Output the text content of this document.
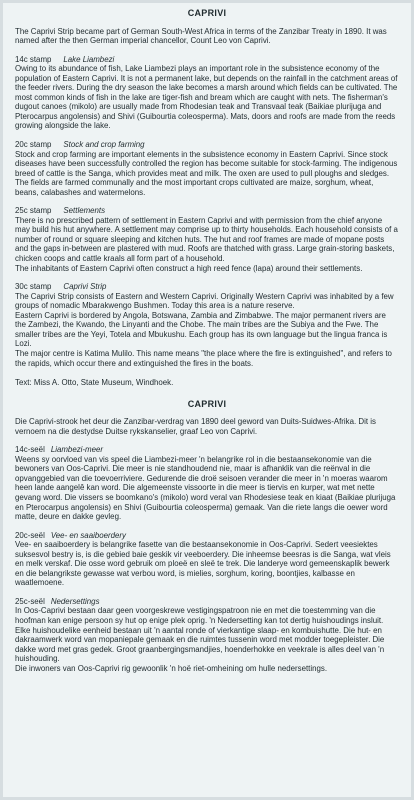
CAPRIVI

The Caprivi Strip became part of German South-West Africa in terms of the Zanzibar Treaty in 1890. It was named after the then German imperial chancellor, Count Leo von Caprivi.

14c stamp Lake Liambezi

Owing to its abundance of fish, Lake Liambezi plays an important role in the subsistence economy of the population of Eastern Caprivi. It is not a permanent lake, but depends on the rainfall in the catchment areas of the feeder rivers. During the dry season the lake becomes a marsh around which fields can be cultivated. The most common kinds of fish in the lake are tiger-fish and bream which are caught with nets. The fisherman's dugout canoes (mikolo) are usually made from Rhodesian teak and Transvaal teak (Baikiae plurijuga and Pterocarpus angolensis) and Shivi (Guibourtia coleosperma). Mats, doors and roofs are made from the reeds growing alongside the lake.

20c stamp Stock and crop farming

Stock and crop farming are important elements in the subsistence economy in Eastern Caprivi. Since stock diseases have been successfully controlled the region has become suitable for stock-farming. The indigenous breed of cattle is the Sanga, which provides meat and milk. The oxen are used to pull ploughs and sledges. The fields are farmed communally and the most important crops cultivated are maize, sorghum, wheat, beans, calabashes and watermelons.

25c stamp Settlements

There is no prescribed pattern of settlement in Eastern Caprivi and with permission from the chief anyone may build his hut anywhere. A settlement may comprise up to thirty households. Each household consists of a number of round or square sleeping and kitchen huts. The hut and roof frames are made of mopane posts and the gaps in-between are plastered with mud. Roofs are thatched with grass. Large grain-storing baskets, chicken coops and cattle kraals all form part of a household.

The inhabitants of Eastern Caprivi often construct a high reed fence (lapa) around their settlements.

30c stamp Caprivi Strip

The Caprivi Strip consists of Eastern and Western Caprivi. Originally Western Caprivi was inhabited by a few groups of nomadic Mbarakwengo Bushmen. Today this area is a nature reserve.

Eastern Caprivi is bordered by Angola, Botswana, Zambia and Zimbabwe. The major permanent rivers are the Zambezi, the Kwando, the Linyanti and the Chobe. The main tribes are the Subiya and the Fwe. The smaller tribes are the Yeyi, Totela and Mbukushu. Each group has its own language but the lingua franca is Lozi.

The major centre is Katima Mulilo. This name means "the place where the fire is extinguished", and refers to the rapids, which occur there and extinguished the fires in the boats.

Text: Miss A. Otto, State Museum, Windhoek.

CAPRIVI

Die Caprivi-strook het deur die Zanzibar-verdrag van 1890 deel geword van Duits-Suidwes-Afrika. Dit is vernoem na die destydse Duitse rykskanselier, graaf Leo von Caprivi.

14c-seël Liambezi-meer

Weens sy oorvloed van vis speel die Liambezi-meer 'n belangrike rol in die bestaansekonomie van die bewoners van Oos-Caprivi. Die meer is nie standhoudend nie, maar is afhanklik van die reënval in die opvanggebied van die toevoerriviere. Gedurende die droë seisoen verander die meer in 'n moeras waarom heen lande aangelê kan word. Die algemeenste vissoorte in die meer is tiervis en kurper, wat met nette gevang word. Die vissers se boomkano's (mikolo) word veral van Rhodesiese teak en kiaat (Baikiae plurijuga en Pterocarpus angolensis) en Shivi (Guibourtia coleosperma) gemaak. Van die riete langs die oewer word matte, deure en dakke gevleg.

20c-seël Vee- en saaiboerdery

Vee- en saaiboerdery is belangrike fasette van die bestaansekonomie in Oos-Caprivi. Sedert veesiektes suksesvol bestry is, is die gebied baie geskik vir veeboerdery. Die inheemse beesras is die Sanga, wat vleis en melk verskaf. Die osse word gebruik om ploeë en sleë te trek. Die landerye word gemeenskaplik bewerk en die belangrikste gewasse wat verbou word, is mielies, sorghum, koring, boontjies, kalbasse en waatlemoene.

25c-seël Nedersettings

In Oos-Caprivi bestaan daar geen voorgeskrewe vestigingspatroon nie en met die toestemming van die hoofman kan enige persoon sy hut op enige plek oprig. 'n Nedersetting kan tot dertig huishoudings insluit. Elke huishoudelike eenheid bestaan uit 'n aantal ronde of vierkantige slaap- en kombuishutte. Die hut- en dakraamwerk word van mopaniepale gemaak en die ruimtes tussenin word met modder toegepleister. Die dakke word met gras gedek. Groot graanbergingsmandjies, hoenderhokke en veekrale is alles deel van 'n huishouding.

Die inwoners van Oos-Caprivi rig gewoonlik 'n hoë riet-omheining om hulle nedersettings.
